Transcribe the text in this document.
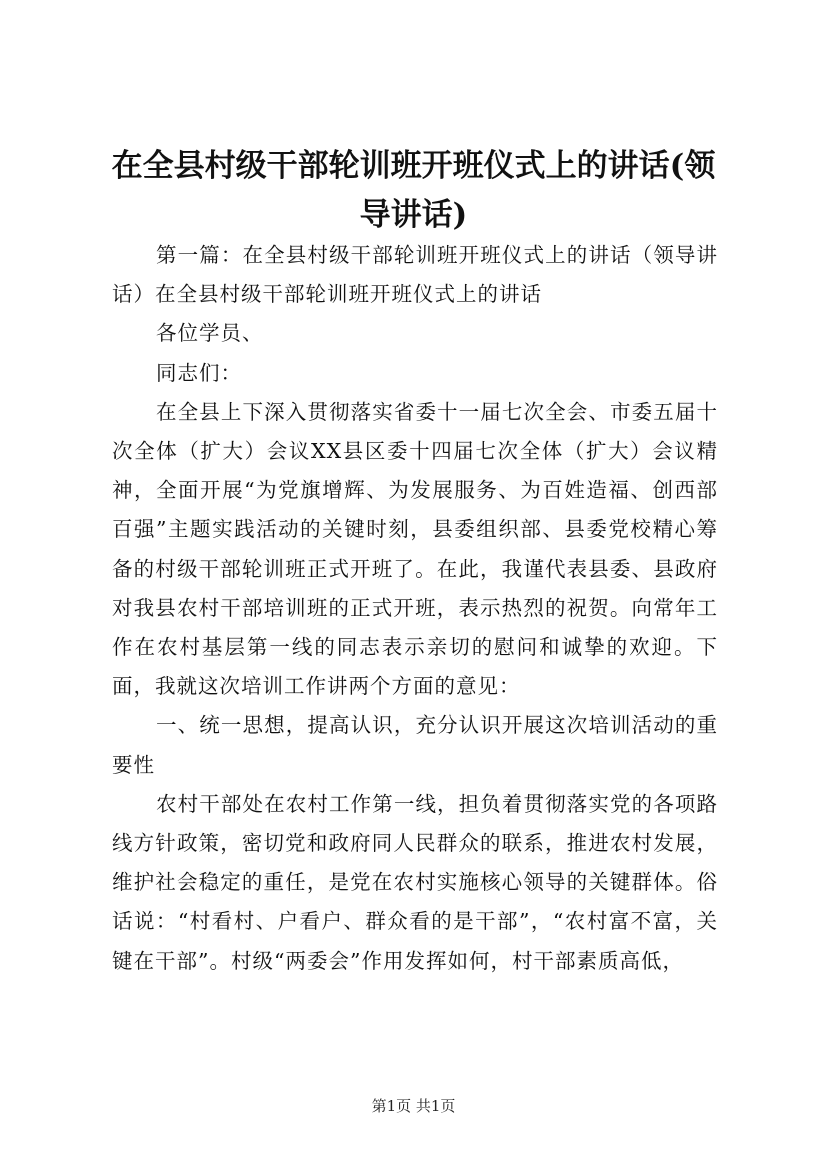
在全县村级干部轮训班开班仪式上的讲话(领导讲话)

第一篇：在全县村级干部轮训班开班仪式上的讲话（领导讲话）在全县村级干部轮训班开班仪式上的讲话

各位学员、

同志们：

在全县上下深入贯彻落实省委十一届七次全会、市委五届十次全体（扩大）会议XX县区委十四届七次全体（扩大）会议精神，全面开展“为党旗增辉、为发展服务、为百姓造福、创西部百强”主题实践活动的关键时刻，县委组织部、县委党校精心筹备的村级干部轮训班正式开班了。在此，我谨代表县委、县政府对我县农村干部培训班的正式开班，表示热烈的祝贺。向常年工作在农村基层第一线的同志表示亲切的慰问和诚挚的欢迎。下面，我就这次培训工作讲两个方面的意见：

一、统一思想，提高认识，充分认识开展这次培训活动的重要性

农村干部处在农村工作第一线，担负着贯彻落实党的各项路线方针政策，密切党和政府同人民群众的联系，推进农村发展，维护社会稳定的重任，是党在农村实施核心领导的关键群体。俗话说：“村看村、户看户、群众看的是干部”，“农村富不富，关键在干部”。村级“两委会”作用发挥如何，村干部素质高低，

第1页 共1页
